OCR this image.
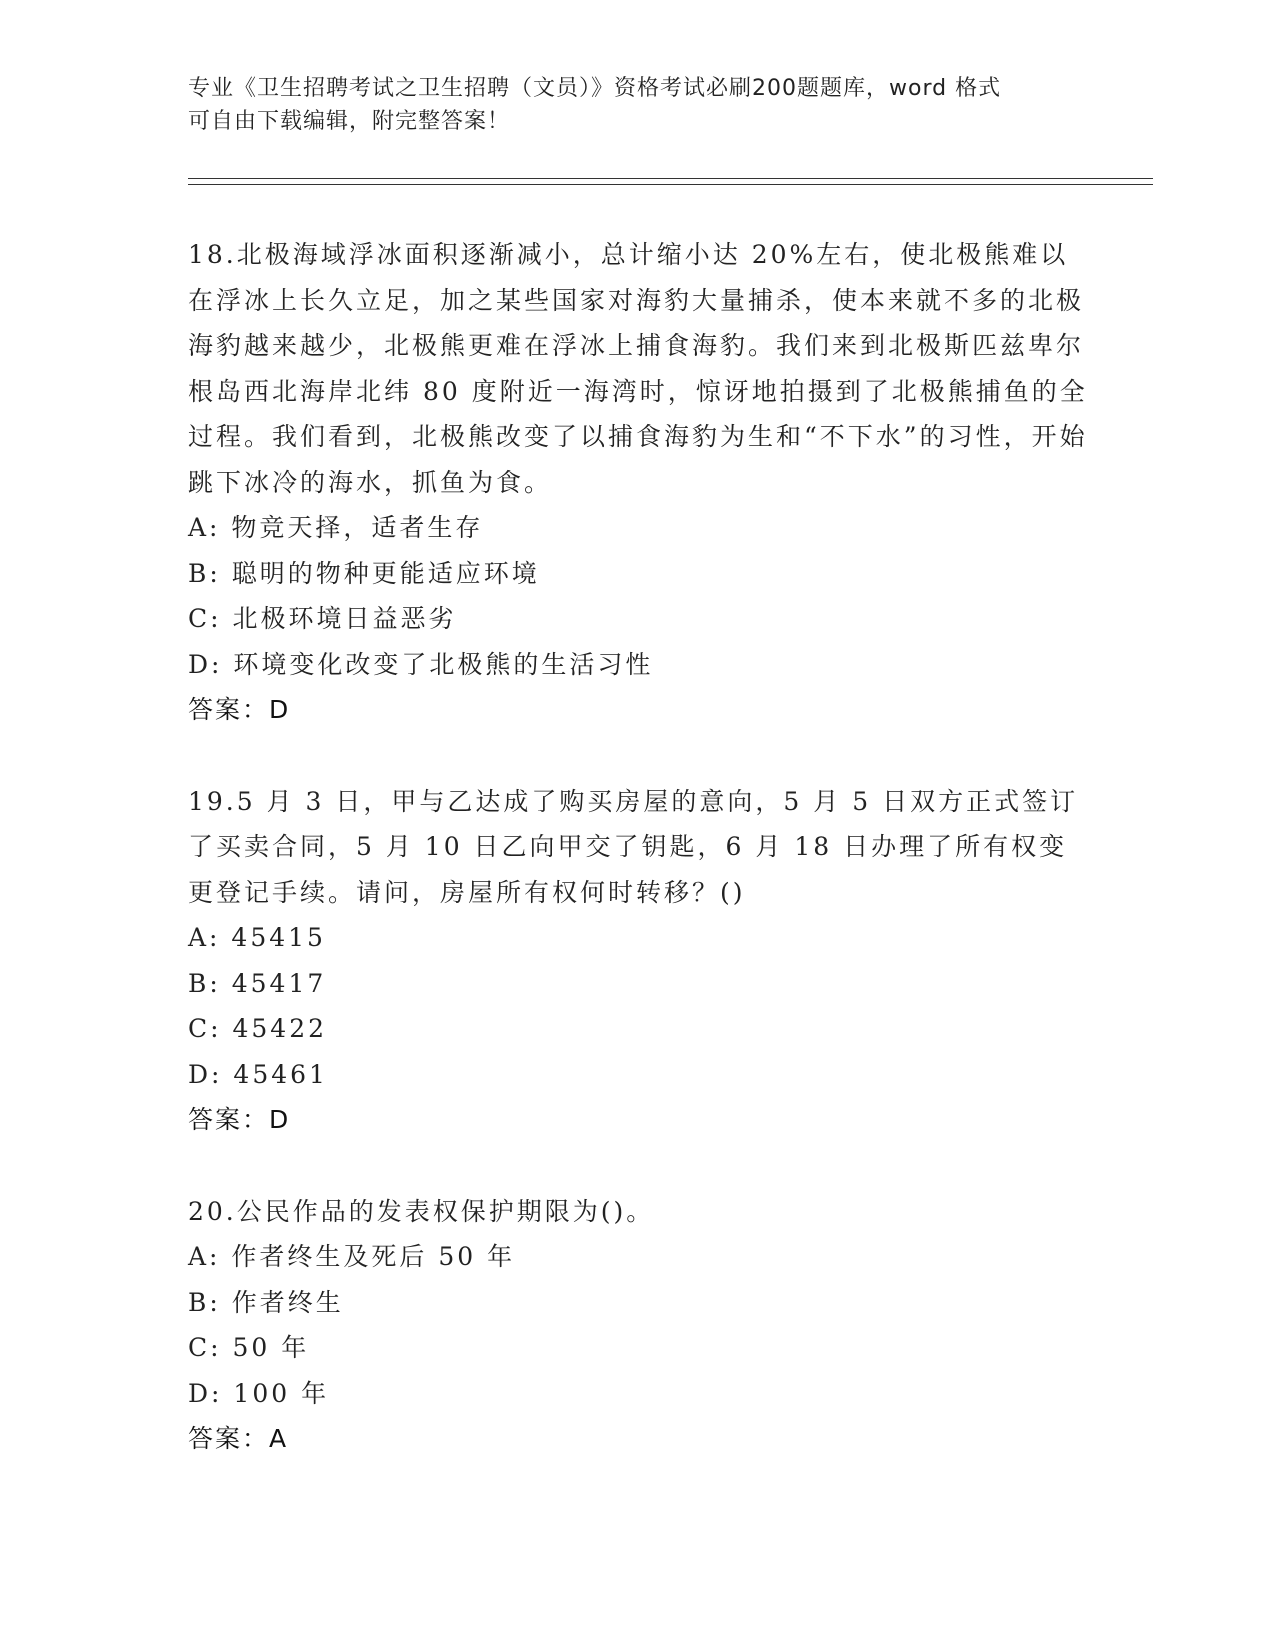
专业《卫生招聘考试之卫生招聘（文员）》资格考试必刷200题题库，word 格式
可自由下载编辑，附完整答案！
18.北极海域浮冰面积逐渐减小，总计缩小达 20%左右，使北极熊难以在浮冰上长久立足，加之某些国家对海豹大量捕杀，使本来就不多的北极海豹越来越少，北极熊更难在浮冰上捕食海豹。我们来到北极斯匹兹卑尔根岛西北海岸北纬 80 度附近一海湾时，惊讶地拍摄到了北极熊捕鱼的全过程。我们看到，北极熊改变了以捕食海豹为生和“不下水”的习性，开始跳下冰冷的海水，抓鱼为食。
A: 物竞天择，适者生存
B: 聪明的物种更能适应环境
C: 北极环境日益恶劣
D: 环境变化改变了北极熊的生活习性
答案：D
19.5 月 3 日，甲与乙达成了购买房屋的意向，5 月 5 日双方正式签订了买卖合同，5 月 10 日乙向甲交了钥匙，6 月 18 日办理了所有权变更登记手续。请问，房屋所有权何时转移？()
A: 45415
B: 45417
C: 45422
D: 45461
答案：D
20.公民作品的发表权保护期限为()。
A: 作者终生及死后 50 年
B: 作者终生
C: 50 年
D: 100 年
答案：A
